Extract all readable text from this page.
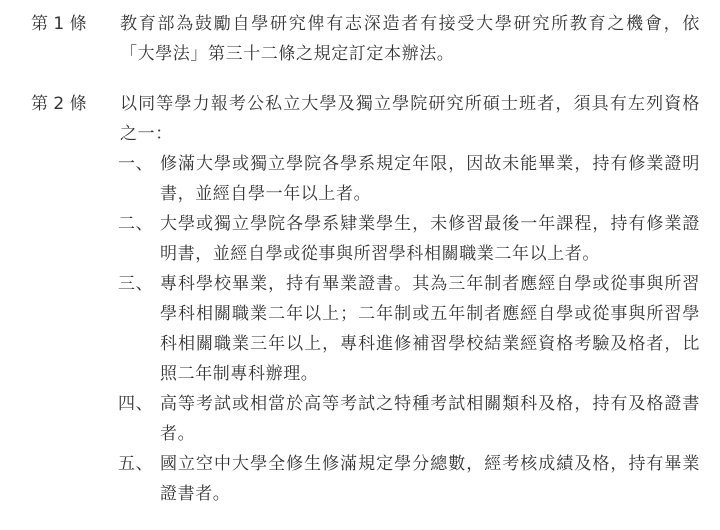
第 1 條 教育部為鼓勵自學研究俾有志深造者有接受大學研究所教育之機會，依「大學法」第三十二條之規定訂定本辦法。
第 2 條 以同等學力報考公私立大學及獨立學院研究所碩士班者，須具有左列資格之一：
一、 修滿大學或獨立學院各學系規定年限，因故未能畢業，持有修業證明書，並經自學一年以上者。
二、 大學或獨立學院各學系肄業學生，未修習最後一年課程，持有修業證明書，並經自學或從事與所習學科相關職業二年以上者。
三、 專科學校畢業，持有畢業證書。其為三年制者應經自學或從事與所習學科相關職業二年以上；二年制或五年制者應經自學或從事與所習學科相關職業三年以上，專科進修補習學校結業經資格考驗及格者，比照二年制專科辦理。
四、 高等考試或相當於高等考試之特種考試相關類科及格，持有及格證書者。
五、 國立空中大學全修生修滿規定學分總數，經考核成績及格，持有畢業證書者。
